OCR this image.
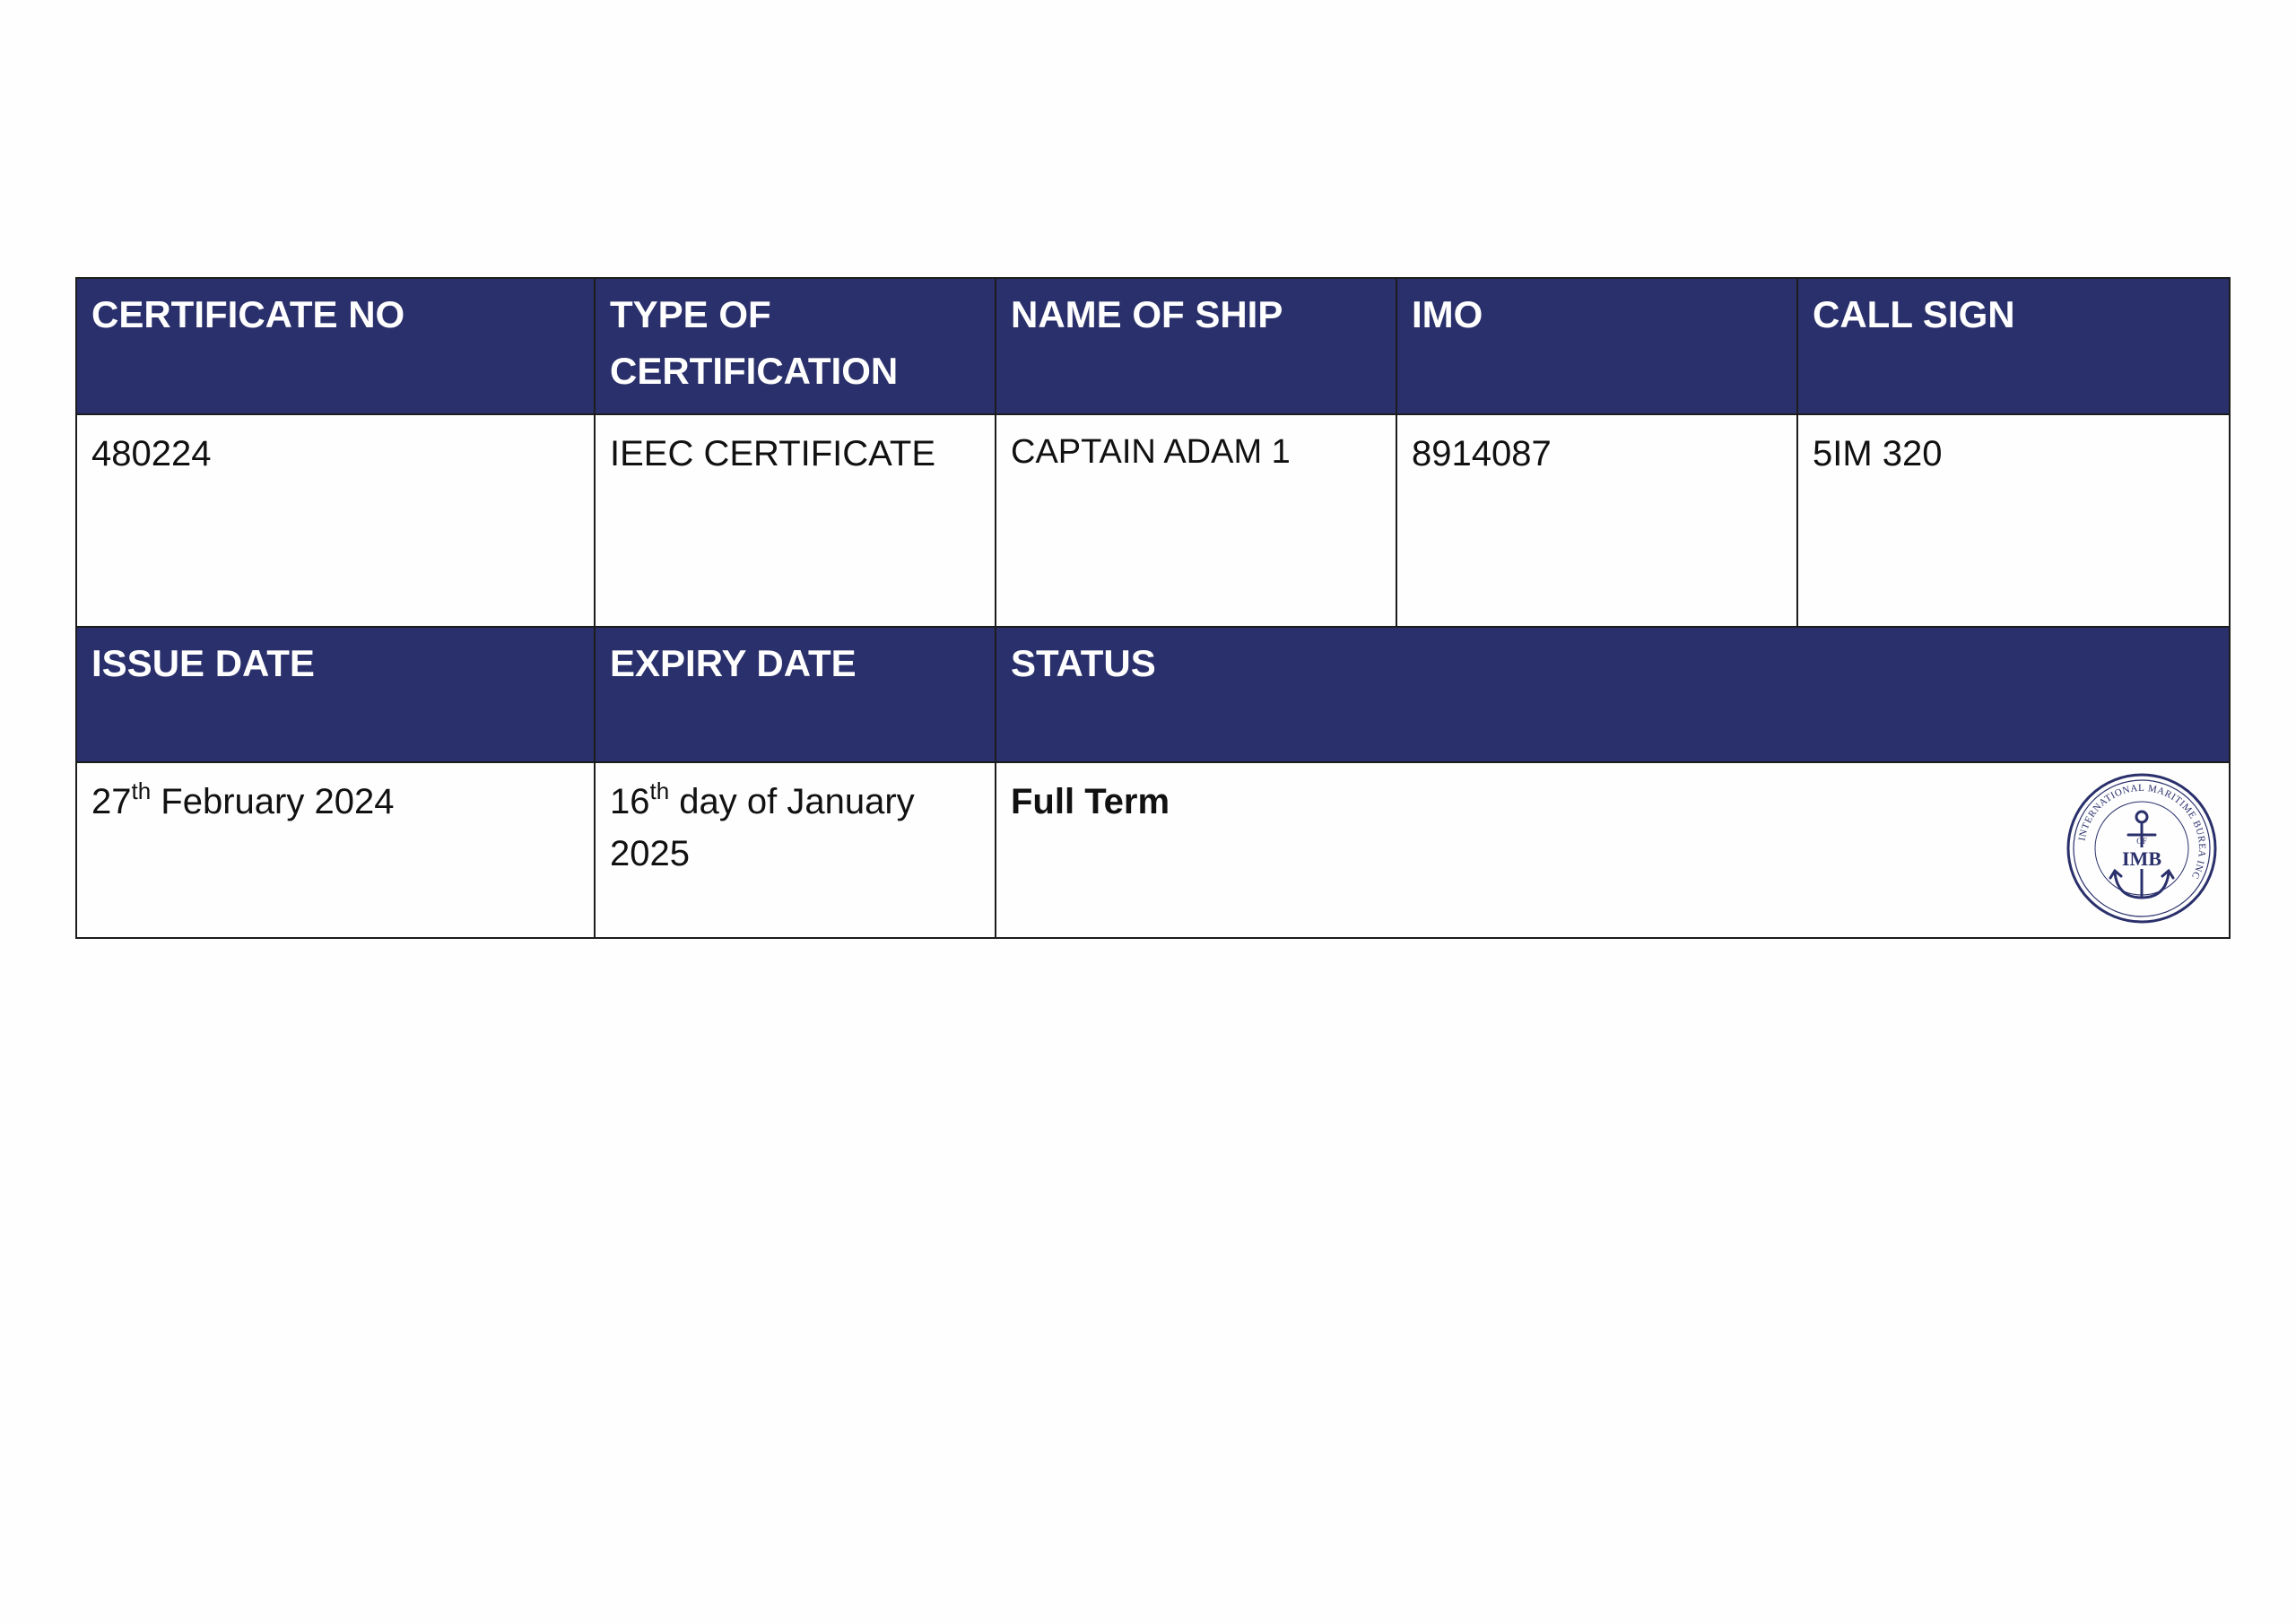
CERTIFICATE NO	TYPE OF CERTIFICATION	NAME OF SHIP	IMO	CALL SIGN
480224	IEEC CERTIFICATE	CAPTAIN ADAM 1	8914087	5IM 320
ISSUE DATE	EXPIRY DATE	STATUS		
27th February 2024	16th day of January 2025	Full Term
INTERNATIONAL MARITIME BUREA INC
OF
IMB		
